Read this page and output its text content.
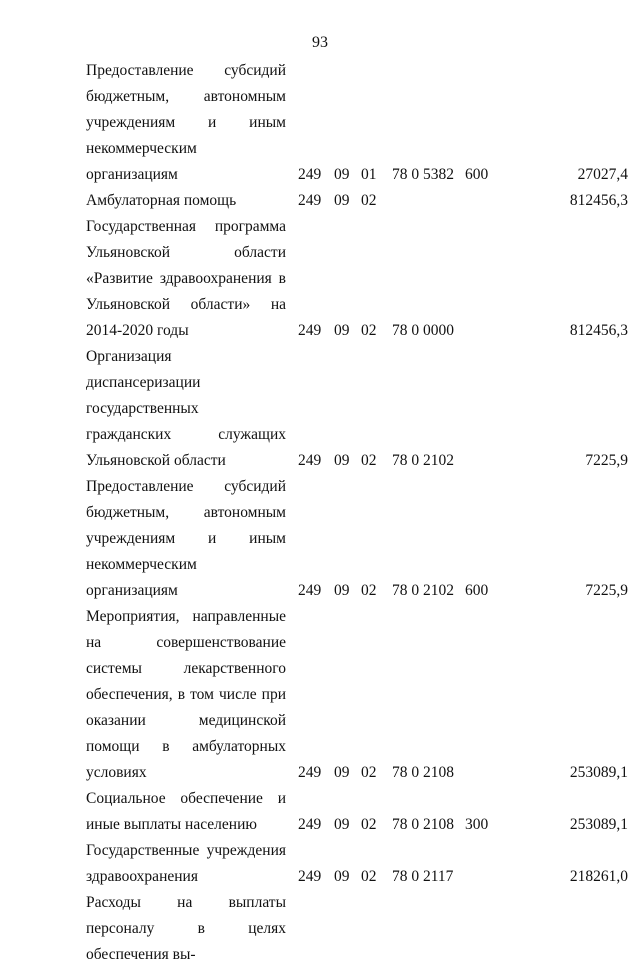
93
Предоставление субсидий бюджетным, автономным учреждениям и иным некоммерческим организациям	249 09 01 78 0 5382 600	27027,4
Амбулаторная помощь	249 09 02	812456,3
Государственная программа Ульяновской области «Развитие здравоохранения в Ульяновской области» на 2014-2020 годы	249 09 02 78 0 0000	812456,3
Организация диспансеризации государственных гражданских служащих Ульяновской области	249 09 02 78 0 2102	7225,9
Предоставление субсидий бюджетным, автономным учреждениям и иным некоммерческим организациям	249 09 02 78 0 2102 600	7225,9
Мероприятия, направленные на совершенствование системы лекарственного обеспечения, в том числе при оказании медицинской помощи в амбулаторных условиях	249 09 02 78 0 2108	253089,1
Социальное обеспечение и иные выплаты населению	249 09 02 78 0 2108 300	253089,1
Государственные учреждения здравоохранения	249 09 02 78 0 2117	218261,0
Расходы на выплаты персоналу в целях обеспечения вы-
